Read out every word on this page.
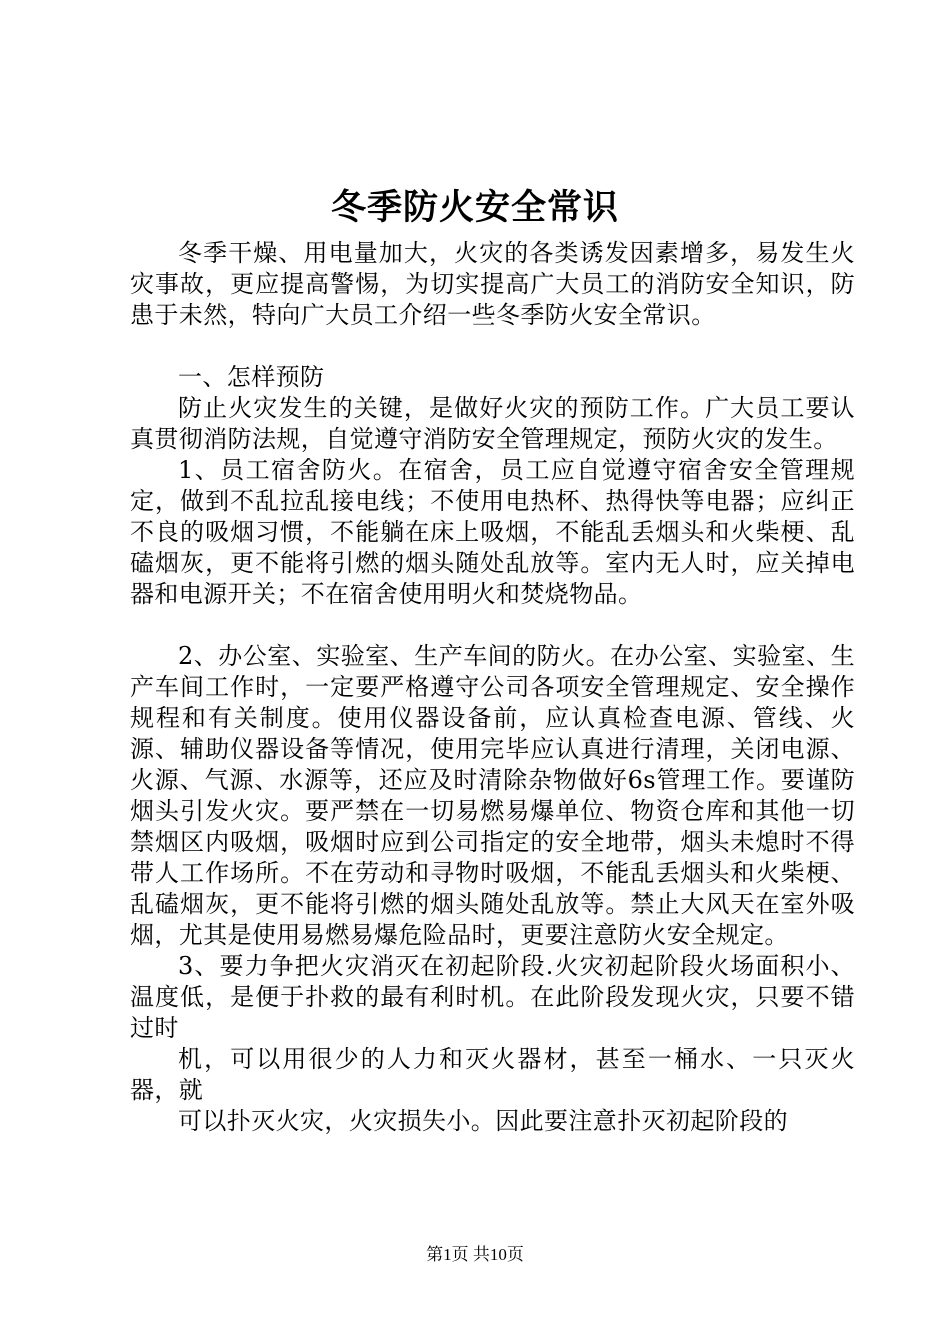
冬季防火安全常识

冬季干燥、用电量加大，火灾的各类诱发因素增多，易发生火灾事故，更应提高警惕，为切实提高广大员工的消防安全知识，防患于未然，特向广大员工介绍一些冬季防火安全常识。

一、怎样预防

防止火灾发生的关键，是做好火灾的预防工作。广大员工要认真贯彻消防法规，自觉遵守消防安全管理规定，预防火灾的发生。

1、员工宿舍防火。在宿舍，员工应自觉遵守宿舍安全管理规定，做到不乱拉乱接电线；不使用电热杯、热得快等电器；应纠正不良的吸烟习惯，不能躺在床上吸烟，不能乱丢烟头和火柴梗、乱磕烟灰，更不能将引燃的烟头随处乱放等。室内无人时，应关掉电器和电源开关；不在宿舍使用明火和焚烧物品。

2、办公室、实验室、生产车间的防火。在办公室、实验室、生产车间工作时，一定要严格遵守公司各项安全管理规定、安全操作规程和有关制度。使用仪器设备前，应认真检查电源、管线、火源、辅助仪器设备等情况，使用完毕应认真进行清理，关闭电源、火源、气源、水源等，还应及时清除杂物做好6s管理工作。要谨防烟头引发火灾。要严禁在一切易燃易爆单位、物资仓库和其他一切禁烟区内吸烟，吸烟时应到公司指定的安全地带，烟头未熄时不得带人工作场所。不在劳动和寻物时吸烟，不能乱丢烟头和火柴梗、乱磕烟灰，更不能将引燃的烟头随处乱放等。禁止大风天在室外吸烟，尤其是使用易燃易爆危险品时，更要注意防火安全规定。

3、要力争把火灾消灭在初起阶段.火灾初起阶段火场面积小、温度低，是便于扑救的最有利时机。在此阶段发现火灾，只要不错过时

机，可以用很少的人力和灭火器材，甚至一桶水、一只灭火器，就

可以扑灭火灾，火灾损失小。因此要注意扑灭初起阶段的

第1页 共10页
